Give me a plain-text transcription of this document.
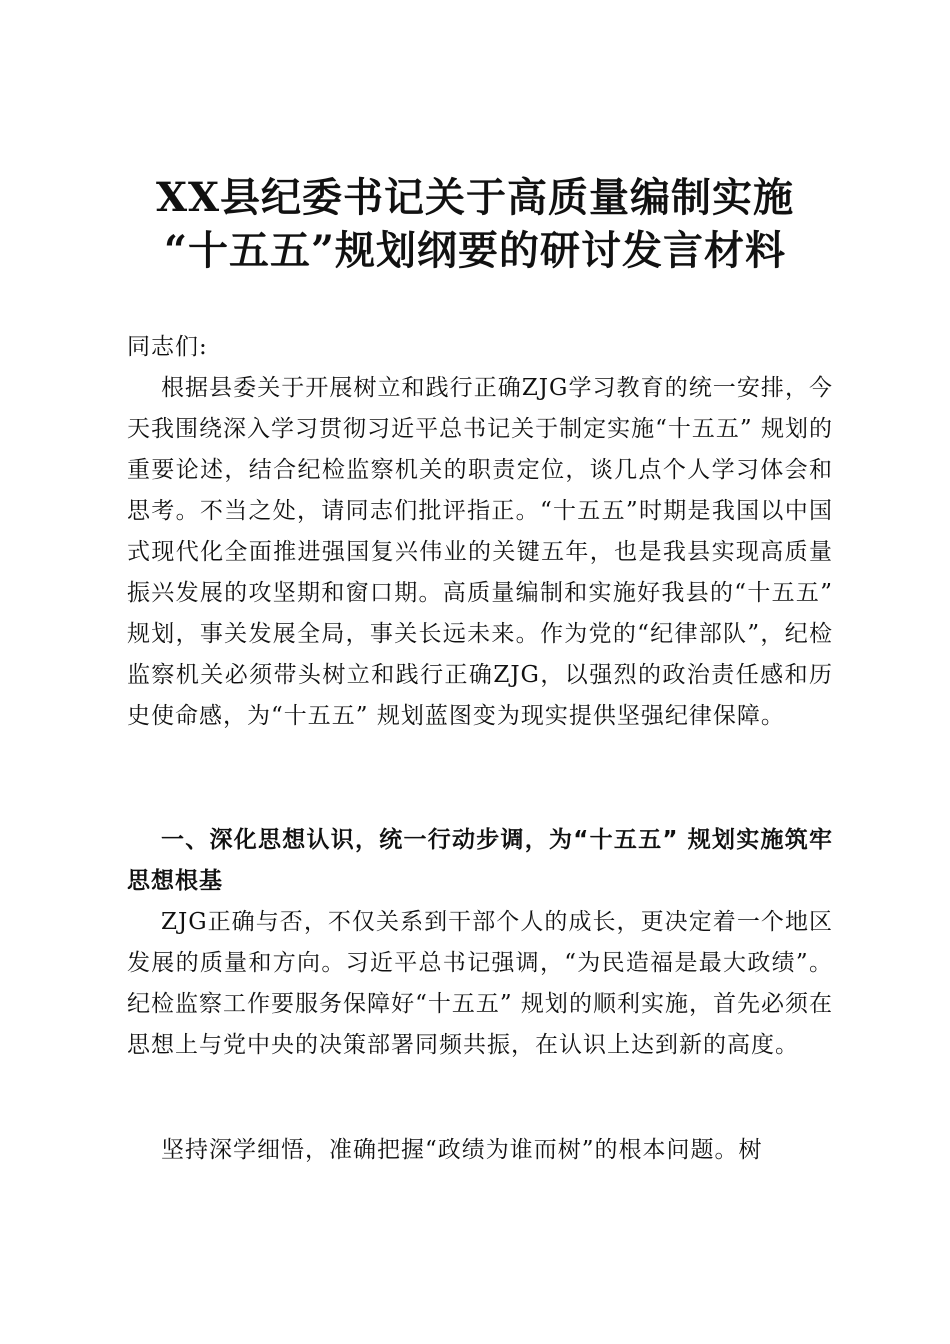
XX县纪委书记关于高质量编制实施
“十五五”规划纲要的研讨发言材料
同志们:
根据县委关于开展树立和践行正确ZJG学习教育的统一安排，今天我围绕深入学习贯彻习近平总书记关于制定实施“十五五” 规划的重要论述，结合纪检监察机关的职责定位，谈几点个人学习体会和思考。不当之处，请同志们批评指正。“十五五”时期是我国以中国式现代化全面推进强国复兴伟业的关键五年，也是我县实现高质量振兴发展的攻坚期和窗口期。高质量编制和实施好我县的“十五五” 规划，事关发展全局，事关长远未来。作为党的“纪律部队”，纪检监察机关必须带头树立和践行正确ZJG，以强烈的政治责任感和历史使命感，为“十五五” 规划蓝图变为现实提供坚强纪律保障。
一、深化思想认识，统一行动步调，为“十五五” 规划实施筑牢思想根基
ZJG正确与否，不仅关系到干部个人的成长，更决定着一个地区发展的质量和方向。习近平总书记强调，“为民造福是最大政绩”。纪检监察工作要服务保障好“十五五” 规划的顺利实施，首先必须在思想上与党中央的决策部署同频共振，在认识上达到新的高度。
坚持深学细悟，准确把握“政绩为谁而树”的根本问题。树
